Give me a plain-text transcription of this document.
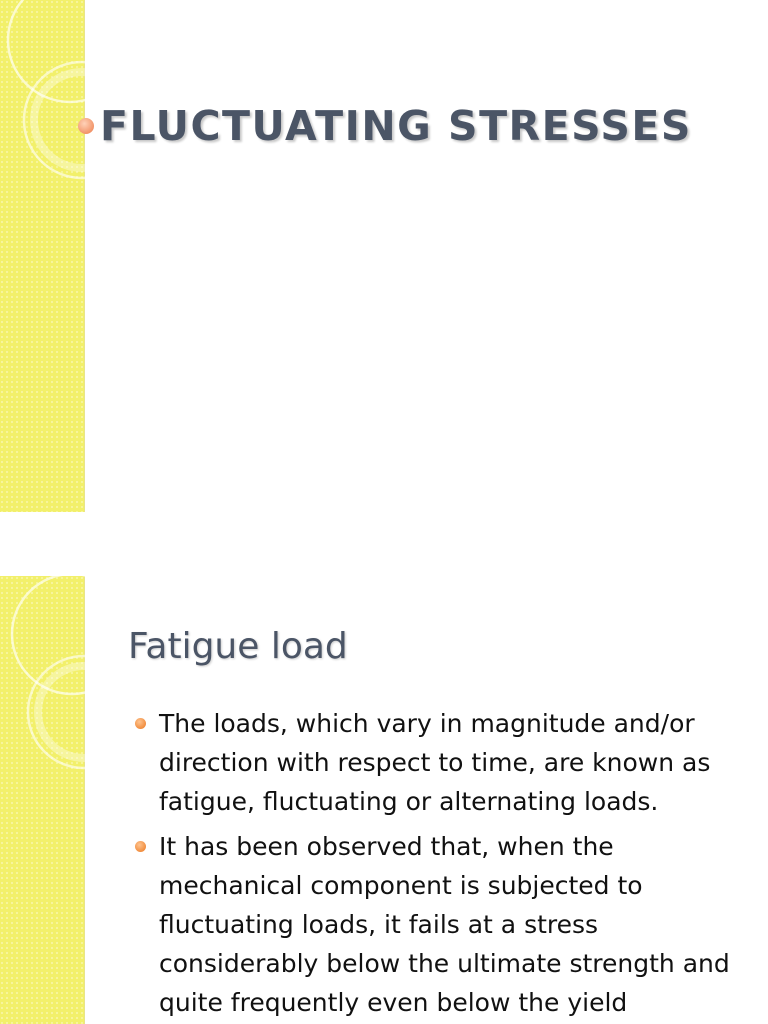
FLUCTUATING STRESSES
Fatigue load
The loads, which vary in magnitude and/or direction with respect to time, are known as fatigue, fluctuating or alternating loads.
It has been observed that, when the mechanical component is subjected to fluctuating loads, it fails at a stress considerably below the ultimate strength and quite frequently even below the yield
